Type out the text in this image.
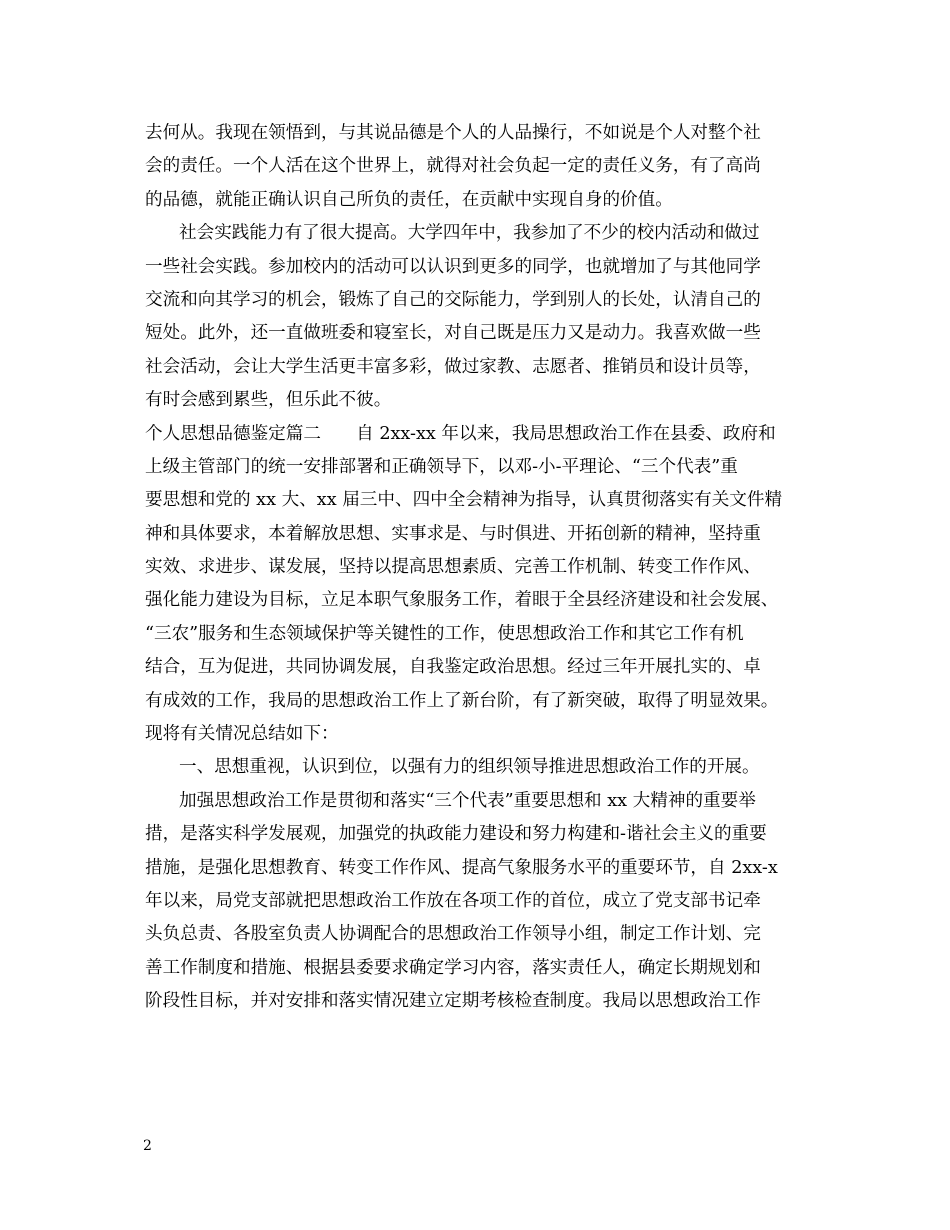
去何从。我现在领悟到，与其说品德是个人的人品操行，不如说是个人对整个社
会的责任。一个人活在这个世界上，就得对社会负起一定的责任义务，有了高尚
的品德，就能正确认识自己所负的责任，在贡献中实现自身的价值。
社会实践能力有了很大提高。大学四年中，我参加了不少的校内活动和做过
一些社会实践。参加校内的活动可以认识到更多的同学，也就增加了与其他同学
交流和向其学习的机会，锻炼了自己的交际能力，学到别人的长处，认清自己的
短处。此外，还一直做班委和寝室长，对自己既是压力又是动力。我喜欢做一些
社会活动，会让大学生活更丰富多彩，做过家教、志愿者、推销员和设计员等，
有时会感到累些，但乐此不彼。
个人思想品德鉴定篇二　　自 2xx-xx 年以来，我局思想政治工作在县委、政府和
上级主管部门的统一安排部署和正确领导下，以邓-小-平理论、“三个代表”重
要思想和党的 xx 大、xx 届三中、四中全会精神为指导，认真贯彻落实有关文件精
神和具体要求，本着解放思想、实事求是、与时俱进、开拓创新的精神，坚持重
实效、求进步、谋发展，坚持以提高思想素质、完善工作机制、转变工作作风、
强化能力建设为目标，立足本职气象服务工作，着眼于全县经济建设和社会发展、
“三农”服务和生态领域保护等关键性的工作，使思想政治工作和其它工作有机
结合，互为促进，共同协调发展，自我鉴定政治思想。经过三年开展扎实的、卓
有成效的工作，我局的思想政治工作上了新台阶，有了新突破，取得了明显效果。
现将有关情况总结如下：
一、思想重视，认识到位，以强有力的组织领导推进思想政治工作的开展。
加强思想政治工作是贯彻和落实“三个代表”重要思想和 xx 大精神的重要举
措，是落实科学发展观，加强党的执政能力建设和努力构建和-谐社会主义的重要
措施，是强化思想教育、转变工作作风、提高气象服务水平的重要环节，自 2xx-x
年以来，局党支部就把思想政治工作放在各项工作的首位，成立了党支部书记牵
头负总责、各股室负责人协调配合的思想政治工作领导小组，制定工作计划、完
善工作制度和措施、根据县委要求确定学习内容，落实责任人，确定长期规划和
阶段性目标，并对安排和落实情况建立定期考核检查制度。我局以思想政治工作
2
